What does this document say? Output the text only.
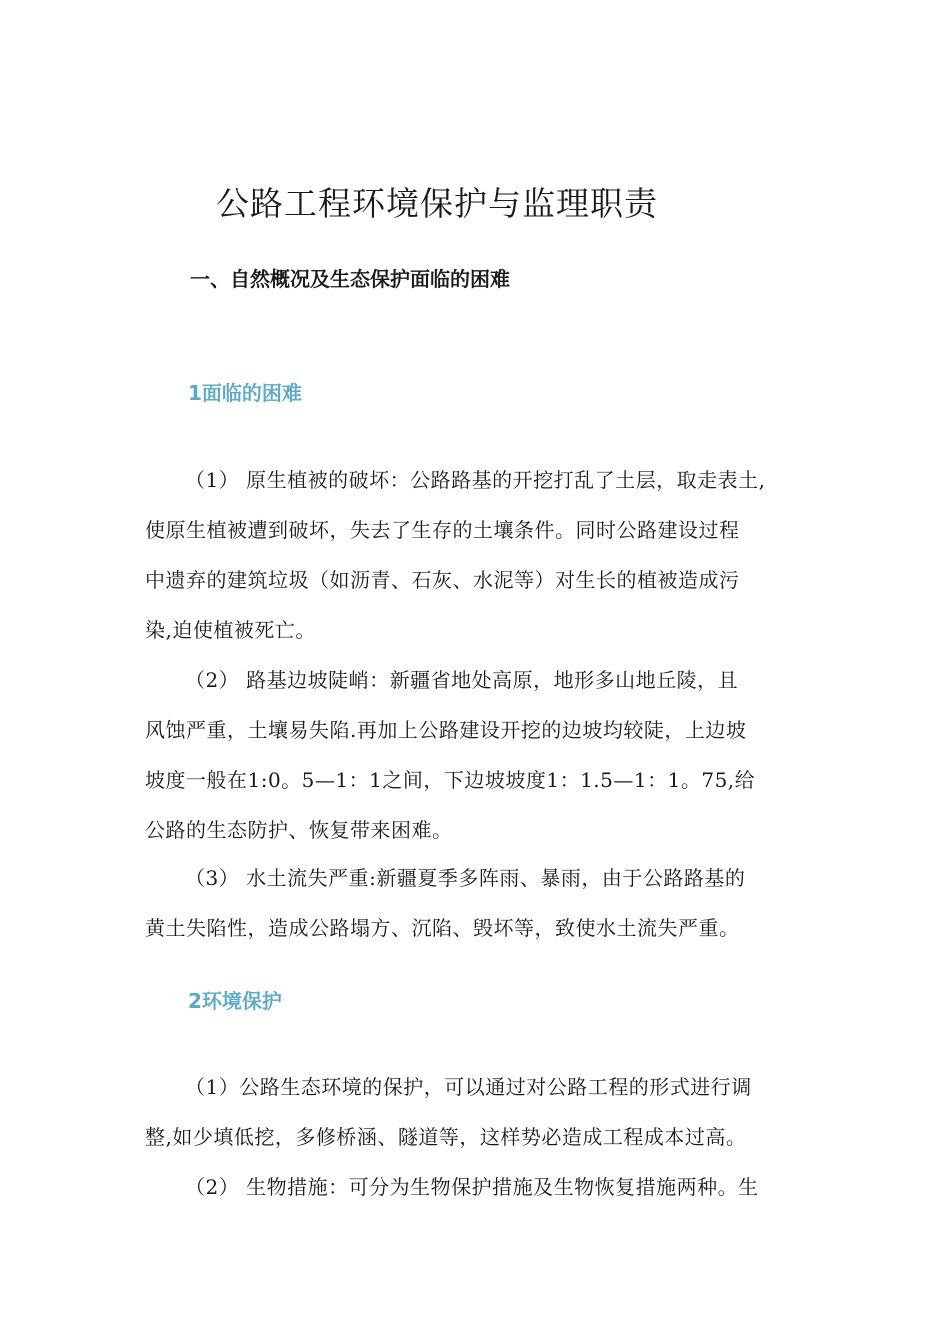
公路工程环境保护与监理职责
一、自然概况及生态保护面临的困难
1面临的困难
（1） 原生植被的破坏：公路路基的开挖打乱了土层，取走表土,
使原生植被遭到破坏，失去了生存的土壤条件。同时公路建设过程
中遗弃的建筑垃圾（如沥青、石灰、水泥等）对生长的植被造成污
染,迫使植被死亡。
（2） 路基边坡陡峭：新疆省地处高原，地形多山地丘陵，且
风蚀严重，土壤易失陷.再加上公路建设开挖的边坡均较陡，上边坡
坡度一般在1:0。5—1：1之间，下边坡坡度1：1.5—1：1。75,给
公路的生态防护、恢复带来困难。
（3） 水土流失严重:新疆夏季多阵雨、暴雨，由于公路路基的
黄土失陷性，造成公路塌方、沉陷、毁坏等，致使水土流失严重。
2环境保护
（1）公路生态环境的保护，可以通过对公路工程的形式进行调
整,如少填低挖，多修桥涵、隧道等，这样势必造成工程成本过高。
（2） 生物措施：可分为生物保护措施及生物恢复措施两种。生
